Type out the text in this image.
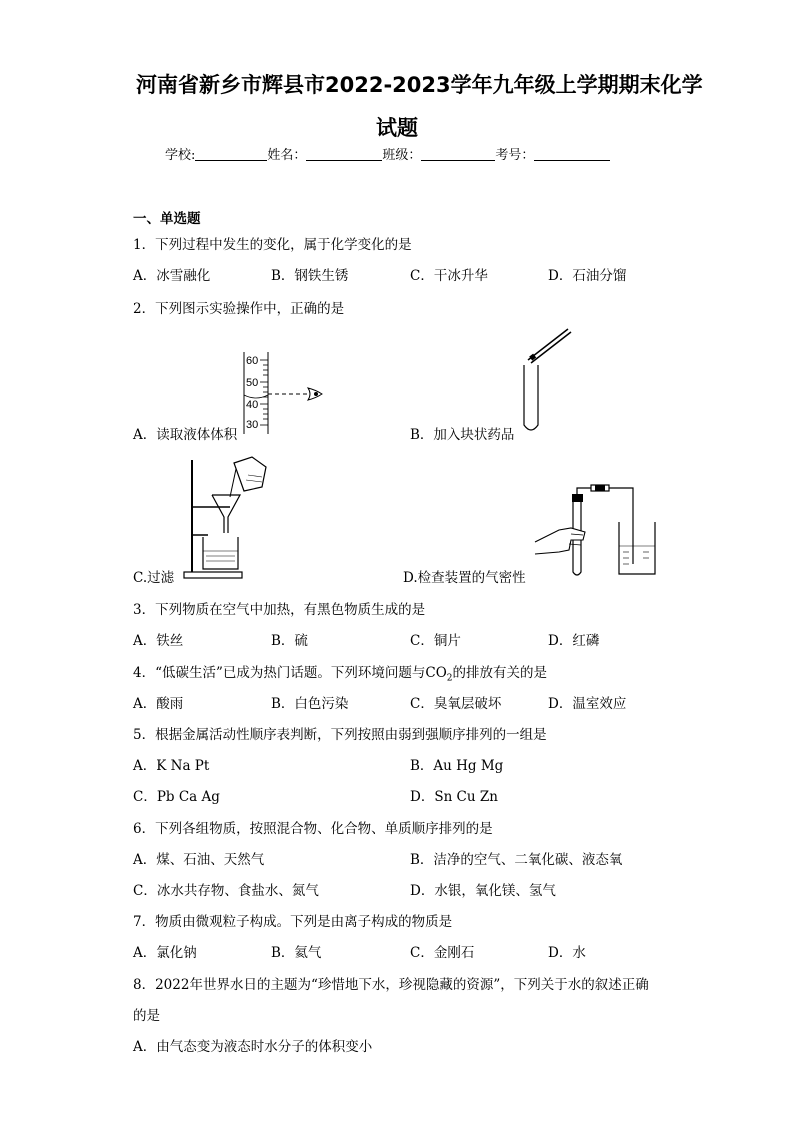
河南省新乡市辉县市2022-2023学年九年级上学期期末化学
试题
学校:	姓名：	班级：	考号：
一、单选题
1．下列过程中发生的变化，属于化学变化的是
A．冰雪融化	B．钢铁生锈	C．干冰升华	D．石油分馏
2．下列图示实验操作中，正确的是
60
50
40
30
A．读取液体体积	B．加入块状药品
C.过滤	D.检查装置的气密性
3．下列物质在空气中加热，有黑色物质生成的是
A．铁丝	B．硫	C．铜片	D．红磷
4．“低碳生活”已成为热门话题。下列环境问题与$CO_2$的排放有关的是
A．酸雨	B．白色污染	C．臭氧层破坏	D．温室效应
5．根据金属活动性顺序表判断，下列按照由弱到强顺序排列的一组是
A．K Na Pt	B．Au Hg Mg
C．Pb Ca Ag	D．Sn Cu Zn
6．下列各组物质，按照混合物、化合物、单质顺序排列的是
A．煤、石油、天然气	B．洁净的空气、二氧化碳、液态氧
C．冰水共存物、食盐水、氮气	D．水银，氧化镁、氢气
7．物质由微观粒子构成。下列是由离子构成的物质是
A．氯化钠	B．氦气	C．金刚石	D．水
8．2022年世界水日的主题为“珍惜地下水，珍视隐藏的资源”，下列关于水的叙述正确
的是
A．由气态变为液态时水分子的体积变小
